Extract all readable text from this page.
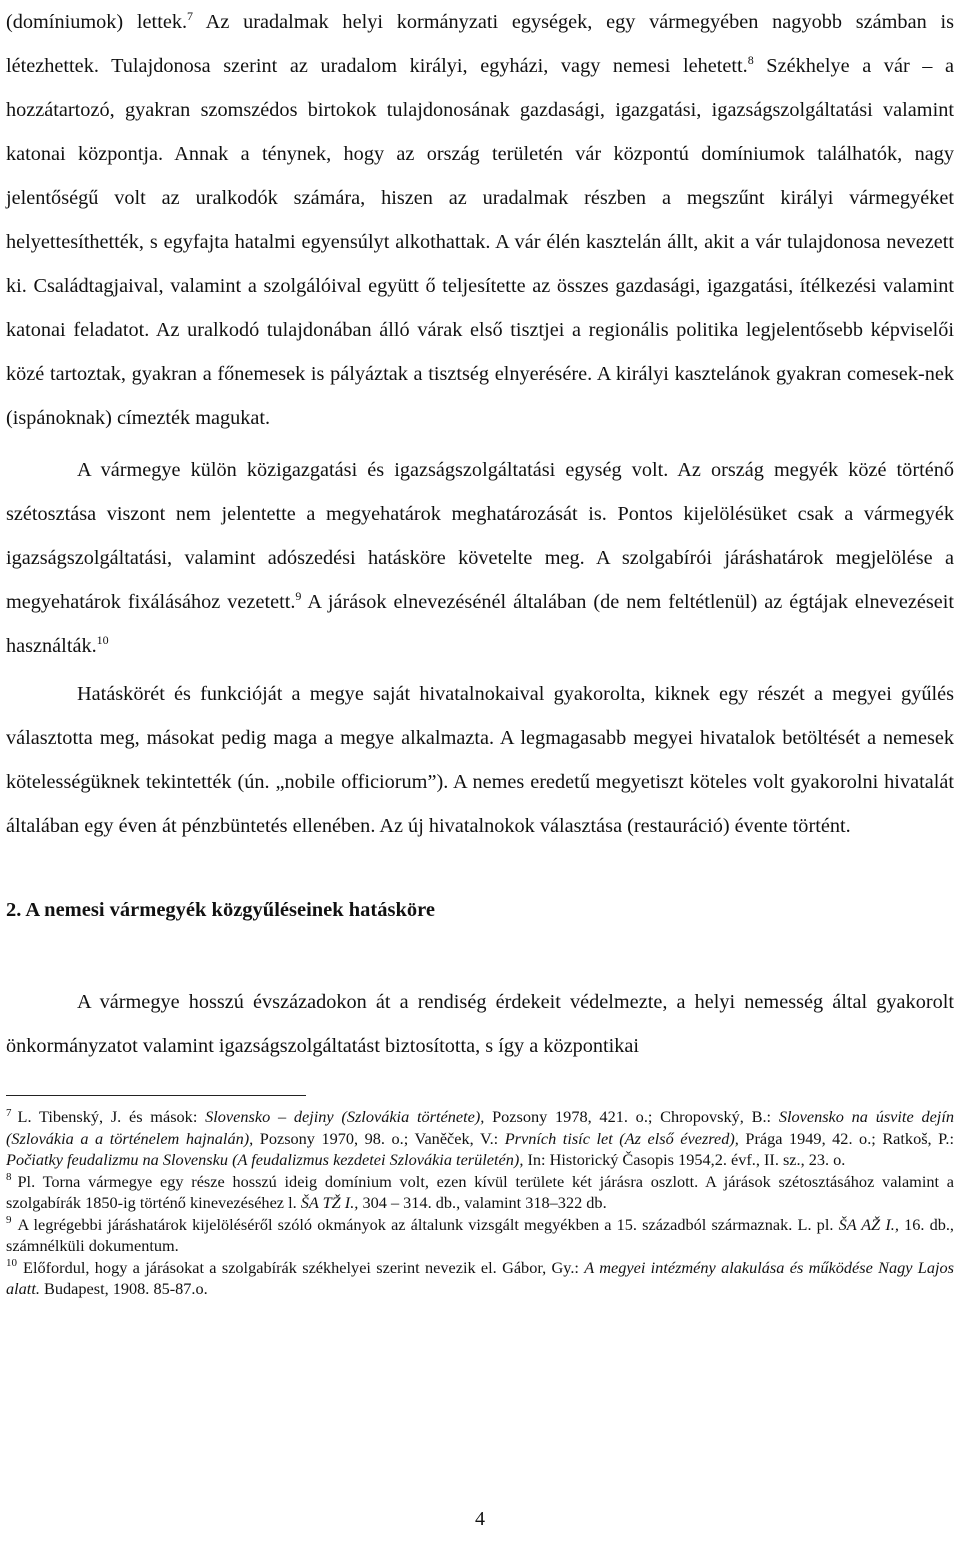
(domíniumok) lettek.$^7$ Az uradalmak helyi kormányzati egységek, egy vármegyében nagyobb számban is létezhettek. Tulajdonosa szerint az uradalom királyi, egyházi, vagy nemesi lehetett.$^8$ Székhelye a vár – a hozzátartozó, gyakran szomszédos birtokok tulajdonosának gazdasági, igazgatási, igazságszolgáltatási valamint katonai központja. Annak a ténynek, hogy az ország területén vár központú domíniumok találhatók, nagy jelentőségű volt az uralkodók számára, hiszen az uradalmak részben a megszűnt királyi vármegyéket helyettesíthették, s egyfajta hatalmi egyensúlyt alkothattak. A vár élén kasztelán állt, akit a vár tulajdonosa nevezett ki. Családtagjaival, valamint a szolgálóival együtt ő teljesítette az összes gazdasági, igazgatási, ítélkezési valamint katonai feladatot. Az uralkodó tulajdonában álló várak első tisztjei a regionális politika legjelentősebb képviselői közé tartoztak, gyakran a főnemesek is pályáztak a tisztség elnyerésére. A királyi kasztelánok gyakran comesek-nek (ispánoknak) címezték magukat.

A vármegye külön közigazgatási és igazságszolgáltatási egység volt. Az ország megyék közé történő szétosztása viszont nem jelentette a megyehatárok meghatározását is. Pontos kijelölésüket csak a vármegyék igazságszolgáltatási, valamint adószedési hatásköre követelte meg. A szolgabírói járáshatárok megjelölése a megyehatárok fixálásához vezetett.$^9$ A járások elnevezésénél általában (de nem feltétlenül) az égtájak elnevezéseit használták.$^{10}$

Hatáskörét és funkcióját a megye saját hivatalnokaival gyakorolta, kiknek egy részét a megyei gyűlés választotta meg, másokat pedig maga a megye alkalmazta. A legmagasabb megyei hivatalok betöltését a nemesek kötelességüknek tekintették (ún. „nobile officiorum”). A nemes eredetű megyetiszt köteles volt gyakorolni hivatalát általában egy éven át pénzbüntetés ellenében. Az új hivatalnokok választása (restauráció) évente történt.

2. A nemesi vármegyék közgyűléseinek hatásköre

A vármegye hosszú évszázadokon át a rendiség érdekeit védelmezte, a helyi nemesség által gyakorolt önkormányzatot valamint igazságszolgáltatást biztosította, s így a központikai

$^7$ L. Tibenský, J. és mások: Slovensko – dejiny (Szlovákia története), Pozsony 1978, 421. o.; Chropovský, B.: Slovensko na úsvite dejín (Szlovákia a a történelem hajnalán), Pozsony 1970, 98. o.; Vaněček, V.: Prvních tisíc let (Az első évezred), Prága 1949, 42. o.; Ratkoš, P.: Počiatky feudalizmu na Slovensku (A feudalizmus kezdetei Szlovákia területén), In: Historický Časopis 1954,2. évf., II. sz., 23. o.

$^8$ Pl. Torna vármegye egy része hosszú ideig domínium volt, ezen kívül területe két járásra oszlott. A járások szétosztásához valamint a szolgabírák 1850-ig történő kinevezéséhez l. ŠA TŽ I., 304 – 314. db., valamint 318–322 db.

$^9$ A legrégebbi járáshatárok kijelöléséről szóló okmányok az általunk vizsgált megyékben a 15. századból származnak. L. pl. ŠA AŽ I., 16. db., számnélküli dokumentum.

$^{10}$ Előfordul, hogy a járásokat a szolgabírák székhelyei szerint nevezik el. Gábor, Gy.: A megyei intézmény alakulása és működése Nagy Lajos alatt. Budapest, 1908. 85-87.o.

4
